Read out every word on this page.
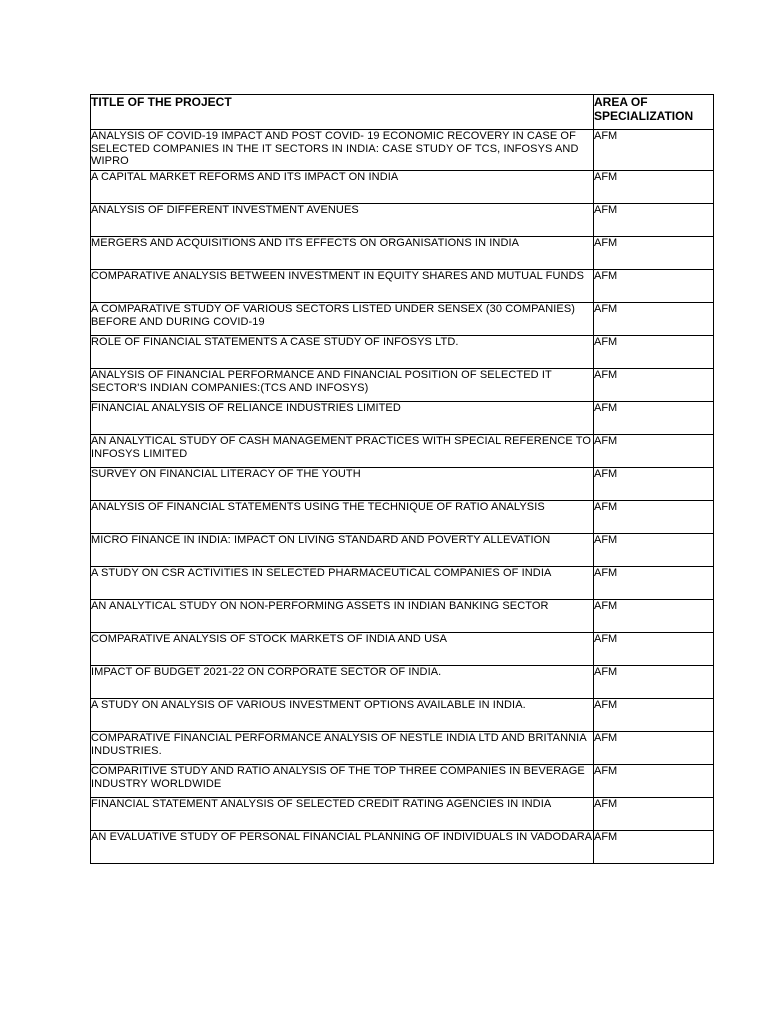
TITLE OF THE PROJECT	AREA OF
SPECIALIZATION
ANALYSIS OF COVID-19 IMPACT AND POST COVID- 19 ECONOMIC RECOVERY IN CASE OF SELECTED COMPANIES IN THE IT SECTORS IN INDIA: CASE STUDY OF TCS, INFOSYS AND WIPRO	AFM
A CAPITAL MARKET REFORMS AND ITS IMPACT ON INDIA	AFM
ANALYSIS OF DIFFERENT INVESTMENT AVENUES	AFM
MERGERS AND ACQUISITIONS AND ITS EFFECTS ON ORGANISATIONS IN INDIA	AFM
COMPARATIVE ANALYSIS BETWEEN INVESTMENT IN EQUITY SHARES AND MUTUAL FUNDS	AFM
A COMPARATIVE STUDY OF VARIOUS SECTORS LISTED UNDER SENSEX (30 COMPANIES) BEFORE AND DURING COVID-19	AFM
ROLE OF FINANCIAL STATEMENTS A CASE STUDY OF INFOSYS LTD.	AFM
ANALYSIS OF FINANCIAL PERFORMANCE AND FINANCIAL POSITION OF SELECTED IT SECTOR'S INDIAN COMPANIES:(TCS AND INFOSYS)	AFM
FINANCIAL ANALYSIS OF RELIANCE INDUSTRIES LIMITED	AFM
AN ANALYTICAL STUDY OF CASH MANAGEMENT PRACTICES WITH SPECIAL REFERENCE TO INFOSYS LIMITED	AFM
SURVEY ON FINANCIAL LITERACY OF THE YOUTH	AFM
ANALYSIS OF FINANCIAL STATEMENTS USING THE TECHNIQUE OF RATIO ANALYSIS	AFM
MICRO FINANCE IN INDIA: IMPACT ON LIVING STANDARD AND POVERTY ALLEVATION	AFM
A STUDY ON CSR ACTIVITIES IN SELECTED PHARMACEUTICAL COMPANIES OF INDIA	AFM
AN ANALYTICAL STUDY ON NON-PERFORMING ASSETS IN INDIAN BANKING SECTOR	AFM
COMPARATIVE ANALYSIS OF STOCK MARKETS OF INDIA AND USA	AFM
IMPACT OF BUDGET 2021-22 ON CORPORATE SECTOR OF INDIA.	AFM
A STUDY ON ANALYSIS OF VARIOUS INVESTMENT OPTIONS AVAILABLE IN INDIA.	AFM
COMPARATIVE FINANCIAL PERFORMANCE ANALYSIS OF NESTLE INDIA LTD AND BRITANNIA INDUSTRIES.	AFM
COMPARITIVE STUDY AND RATIO ANALYSIS OF THE TOP THREE COMPANIES IN BEVERAGE INDUSTRY WORLDWIDE	AFM
FINANCIAL STATEMENT ANALYSIS OF SELECTED CREDIT RATING AGENCIES IN INDIA	AFM
AN EVALUATIVE STUDY OF PERSONAL FINANCIAL PLANNING OF INDIVIDUALS IN VADODARA	AFM
